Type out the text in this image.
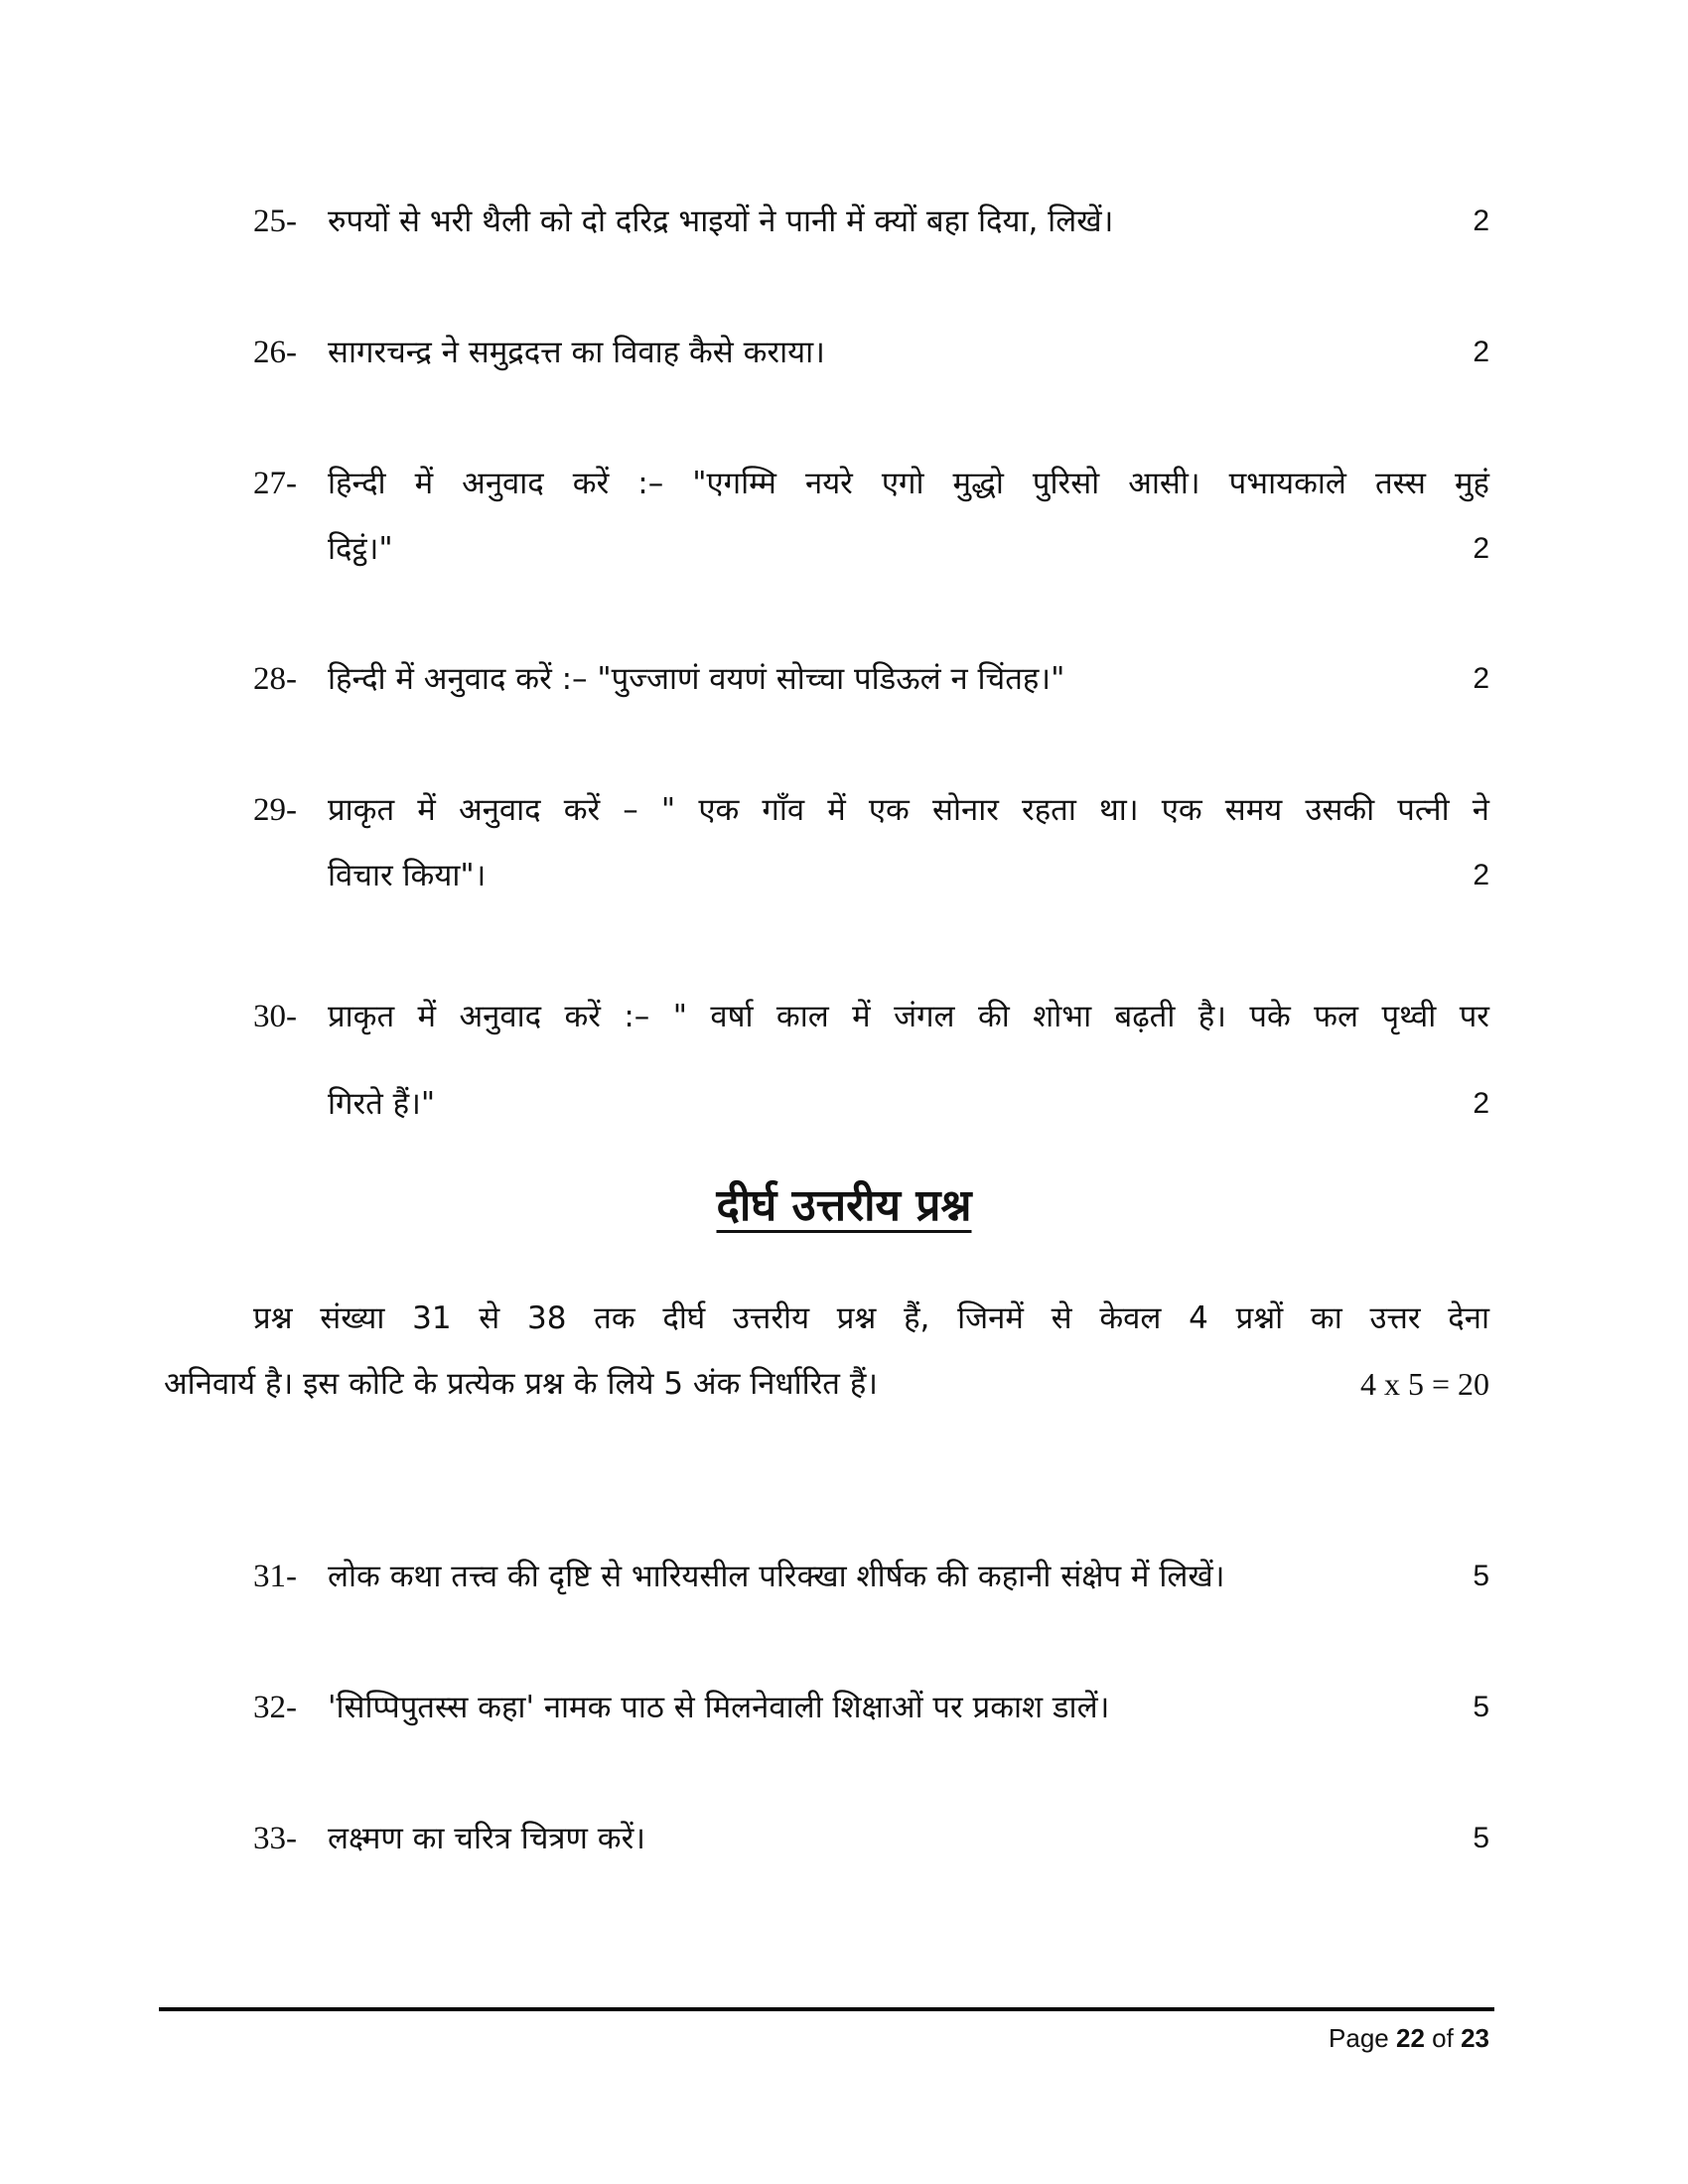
25-	रुपयों से भरी थैली को दो दरिद्र भाइयों ने पानी में क्यों बहा दिया, लिखें।	2
26-	सागरचन्द्र ने समुद्रदत्त का विवाह कैसे कराया।	2
27-	हिन्दी में अनुवाद करें :– "एगम्मि नयरे एगो मुद्धो पुरिसो आसी। पभायकाले तस्स मुहं
दिट्ठं।"	2
28-	हिन्दी में अनुवाद करें :– "पुज्जाणं वयणं सोच्चा पडिऊलं न चिंतह।"	2
29-	प्राकृत में अनुवाद करें – " एक गाँव में एक सोनार रहता था। एक समय उसकी पत्नी ने
विचार किया"।	2
30-	प्राकृत में अनुवाद करें :– " वर्षा काल में जंगल की शोभा बढ़ती है। पके फल पृथ्वी पर
गिरते हैं।"	2
दीर्घ उत्तरीय प्रश्न
प्रश्न संख्या 31 से 38 तक दीर्घ उत्तरीय प्रश्न हैं, जिनमें से केवल 4 प्रश्नों का उत्तर देना
अनिवार्य है। इस कोटि के प्रत्येक प्रश्न के लिये 5 अंक निर्धारित हैं।	4 x 5 = 20
31-	लोक कथा तत्त्व की दृष्टि से भारियसील परिक्खा शीर्षक की कहानी संक्षेप में लिखें।	5
32-	'सिप्पिपुतस्स कहा' नामक पाठ से मिलनेवाली शिक्षाओं पर प्रकाश डालें।	5
33-	लक्ष्मण का चरित्र चित्रण करें।	5
Page 22 of 23
